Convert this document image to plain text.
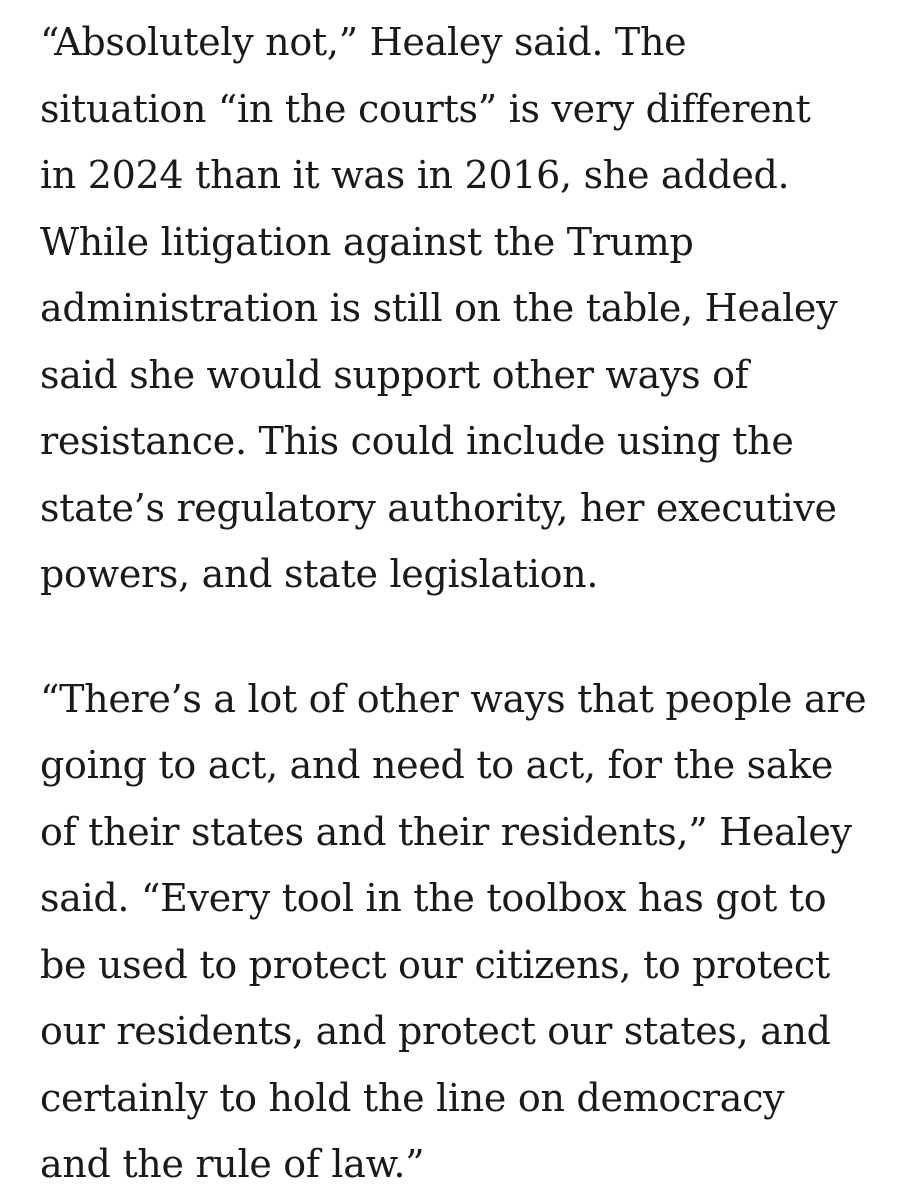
“Absolutely not,” Healey said. The
situation “in the courts” is very different
in 2024 than it was in 2016, she added.
While litigation against the Trump
administration is still on the table, Healey
said she would support other ways of
resistance. This could include using the
state’s regulatory authority, her executive
powers, and state legislation.

“There’s a lot of other ways that people are
going to act, and need to act, for the sake
of their states and their residents,” Healey
said. “Every tool in the toolbox has got to
be used to protect our citizens, to protect
our residents, and protect our states, and
certainly to hold the line on democracy
and the rule of law.”
